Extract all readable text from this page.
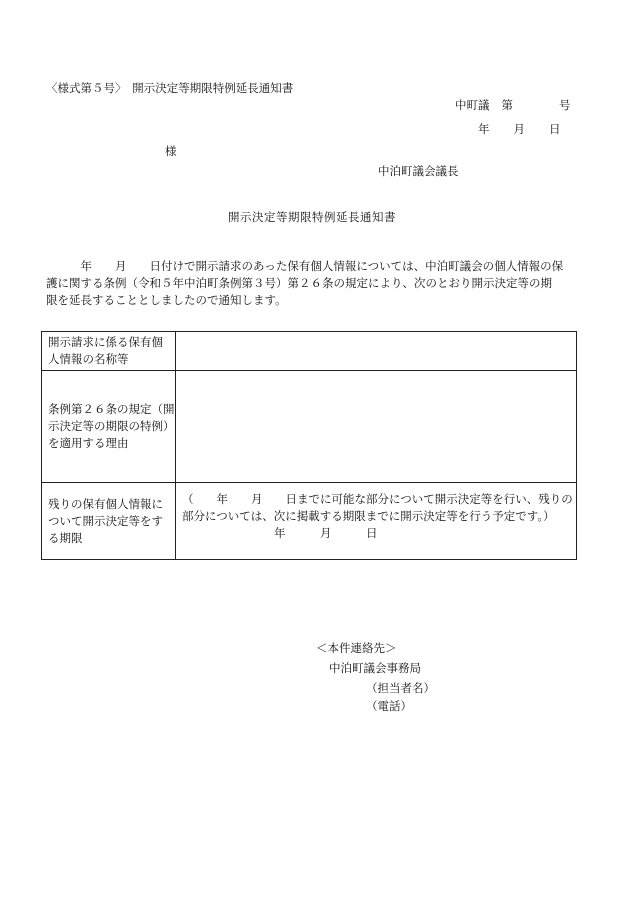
〈様式第５号〉　開示決定等期限特例延長通知書
中町議 第	号
年 月 日
様
中泊町議会議長
開示決定等期限特例延長通知書
　　　年　　月　　日付けで開示請求のあった保有個人情報については、中泊町議会の個人情報の保
護に関する条例（令和５年中泊町条例第３号）第２６条の規定により、次のとおり開示決定等の期
限を延長することとしましたので通知します。
開示請求に係る保有個
人情報の名称等	

条例第２６条の規定（開
示決定等の期限の特例）
を適用する理由	

残りの保有個人情報に
ついて開示決定等をす
る期限	（　　年　　月　　日までに可能な部分について開示決定等を行い、残りの
部分については、次に掲載する期限までに開示決定等を行う予定です。）
　　　　　　　　年　　　月　　　日
＜本件連絡先＞
中泊町議会事務局
（担当者名）
（電話）
